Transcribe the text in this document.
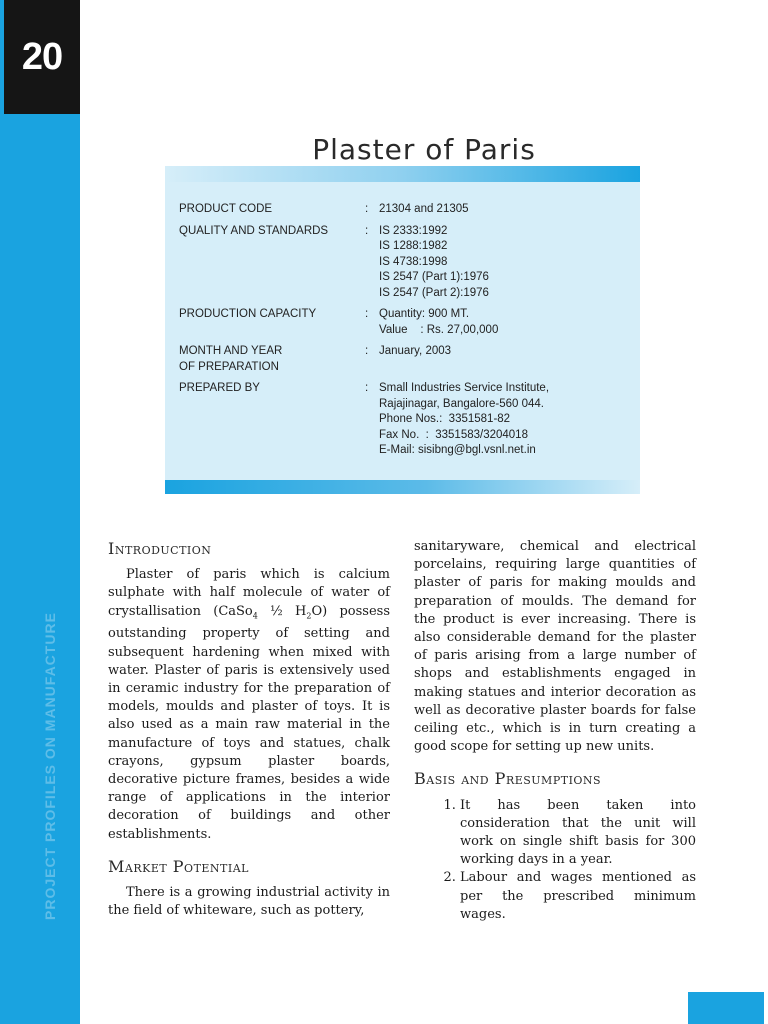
20
PROJECT PROFILES ON MANUFACTURE
Plaster of Paris
PRODUCT CODE	: 21304 and 21305
QUALITY AND STANDARDS	: IS 2333:1992
IS 1288:1982
IS 4738:1998
IS 2547 (Part 1):1976
IS 2547 (Part 2):1976
PRODUCTION CAPACITY	: Quantity: 900 MT.
Value    : Rs. 27,00,000
MONTH AND YEAR
OF PREPARATION
: January, 2003
PREPARED BY	: Small Industries Service Institute,
Rajajinagar, Bangalore-560 044.
Phone Nos.:  3351581-82
Fax No.  :  3351583/3204018
E-Mail: sisibng@bgl.vsnl.net.in
Introduction

Plaster of paris which is calcium sulphate with half molecule of water of crystallisation (CaSo$_4$ ½ $H_2O$) possess outstanding property of setting and subsequent hardening when mixed with water. Plaster of paris is extensively used in ceramic industry for the preparation of models, moulds and plaster of toys. It is also used as a main raw material in the manufacture of toys and statues, chalk crayons, gypsum plaster boards, decorative picture frames, besides a wide range of applications in the interior decoration of buildings and other establishments.

Market Potential

There is a growing industrial activity in the field of whiteware, such as pottery,

sanitaryware, chemical and electrical porcelains, requiring large quantities of plaster of paris for making moulds and preparation of moulds. The demand for the product is ever increasing. There is also considerable demand for the plaster of paris arising from a large number of shops and establishments engaged in making statues and interior decoration as well as decorative plaster boards for false ceiling etc., which is in turn creating a good scope for setting up new units.

Basis and Presumptions
1. It has been taken into consideration that the unit will work on single shift basis for 300 working days in a year.
2. Labour and wages mentioned as per the prescribed minimum wages.
